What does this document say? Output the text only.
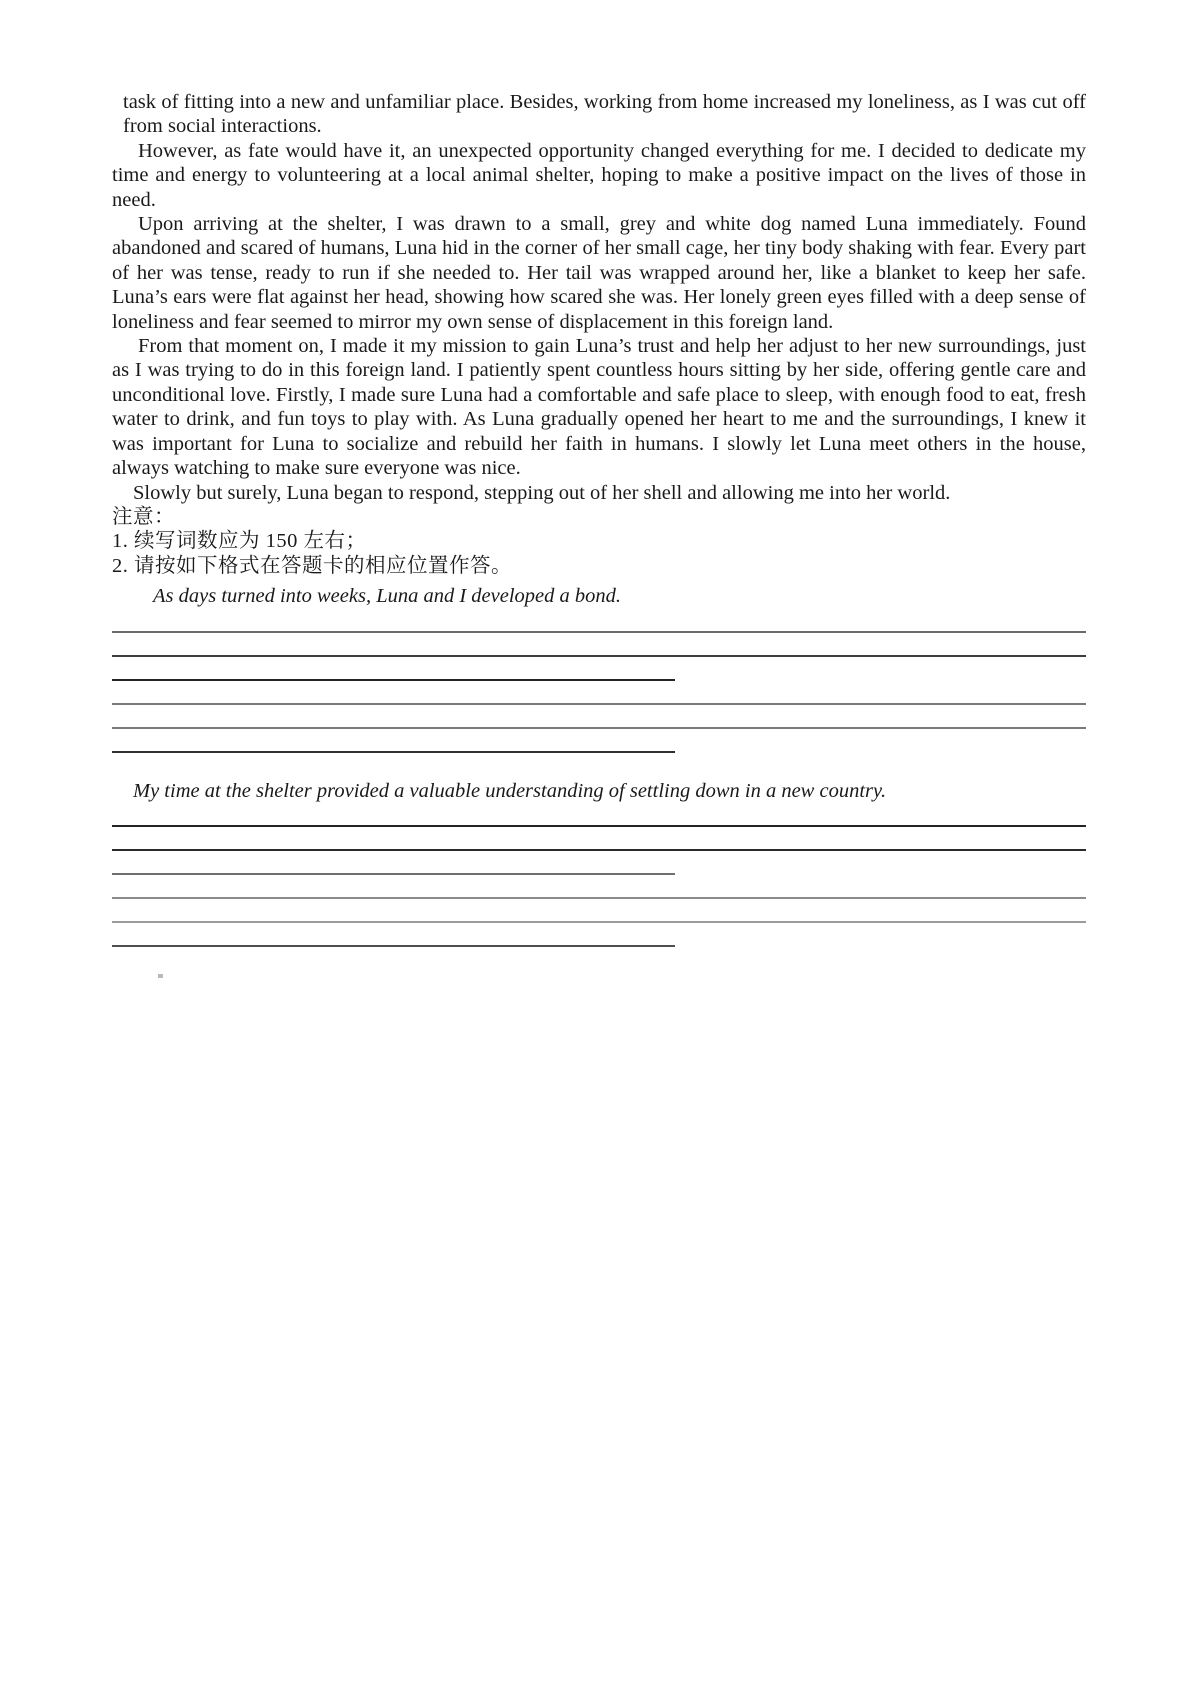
task of fitting into a new and unfamiliar place. Besides, working from home increased my loneliness, as I was cut off from social interactions.

However, as fate would have it, an unexpected opportunity changed everything for me. I decided to dedicate my time and energy to volunteering at a local animal shelter, hoping to make a positive impact on the lives of those in need.

Upon arriving at the shelter, I was drawn to a small, grey and white dog named Luna immediately. Found abandoned and scared of humans, Luna hid in the corner of her small cage, her tiny body shaking with fear. Every part of her was tense, ready to run if she needed to. Her tail was wrapped around her, like a blanket to keep her safe. Luna’s ears were flat against her head, showing how scared she was. Her lonely green eyes filled with a deep sense of loneliness and fear seemed to mirror my own sense of displacement in this foreign land.

From that moment on, I made it my mission to gain Luna’s trust and help her adjust to her new surroundings, just as I was trying to do in this foreign land. I patiently spent countless hours sitting by her side, offering gentle care and unconditional love. Firstly, I made sure Luna had a comfortable and safe place to sleep, with enough food to eat, fresh water to drink, and fun toys to play with. As Luna gradually opened her heart to me and the surroundings, I knew it was important for Luna to socialize and rebuild her faith in humans. I slowly let Luna meet others in the house, always watching to make sure everyone was nice.

Slowly but surely, Luna began to respond, stepping out of her shell and allowing me into her world.

注意：

1. 续写词数应为 150 左右；

2. 请按如下格式在答题卡的相应位置作答。

As days turned into weeks, Luna and I developed a bond.

My time at the shelter provided a valuable understanding of settling down in a new country.
